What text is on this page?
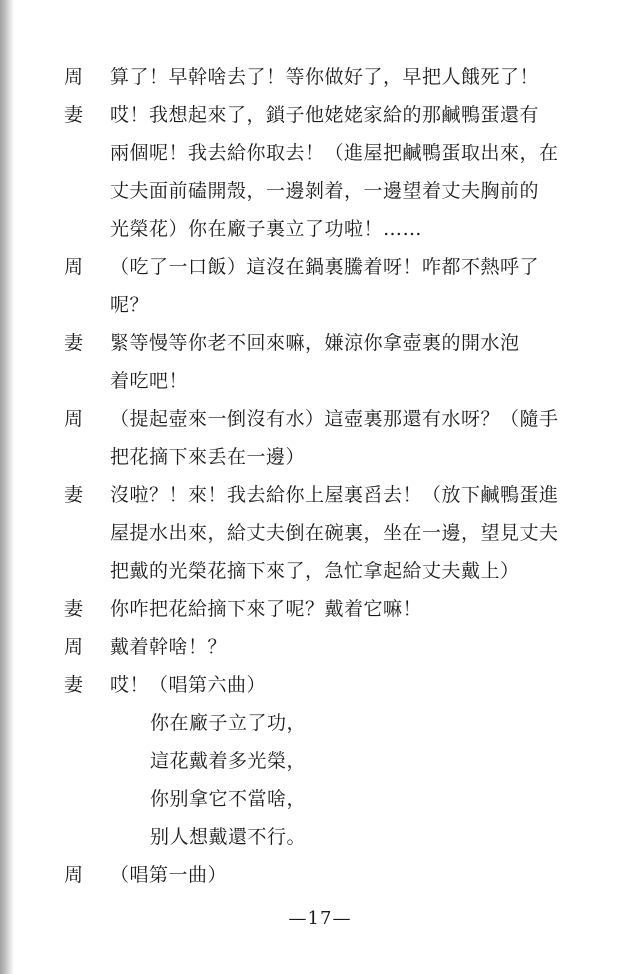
周	算了！早幹啥去了！等你做好了，早把人餓死了！
妻	哎！我想起來了，鎖子他姥姥家給的那鹹鴨蛋還有
兩個呢！我去給你取去！（進屋把鹹鴨蛋取出來，在
丈夫面前磕開殼，一邊剝着，一邊望着丈夫胸前的
光榮花）你在廠子裏立了功啦！……
周	（吃了一口飯）這沒在鍋裏騰着呀！咋都不熱呼了
呢？
妻	緊等慢等你老不回來嘛，嫌涼你拿壺裏的開水泡
着吃吧！
周	（提起壺來一倒沒有水）這壺裏那還有水呀？（隨手
把花摘下來丢在一邊）
妻	沒啦？！來！我去給你上屋裏舀去！（放下鹹鴨蛋進
屋提水出來，給丈夫倒在碗裏，坐在一邊，望見丈夫
把戴的光榮花摘下來了，急忙拿起給丈夫戴上）
妻	你咋把花給摘下來了呢？戴着它嘛！
周	戴着幹啥！？
妻	哎！（唱第六曲）
你在廠子立了功，
這花戴着多光榮，
你别拿它不當啥，
别人想戴還不行。
周	（唱第一曲）
—17—
